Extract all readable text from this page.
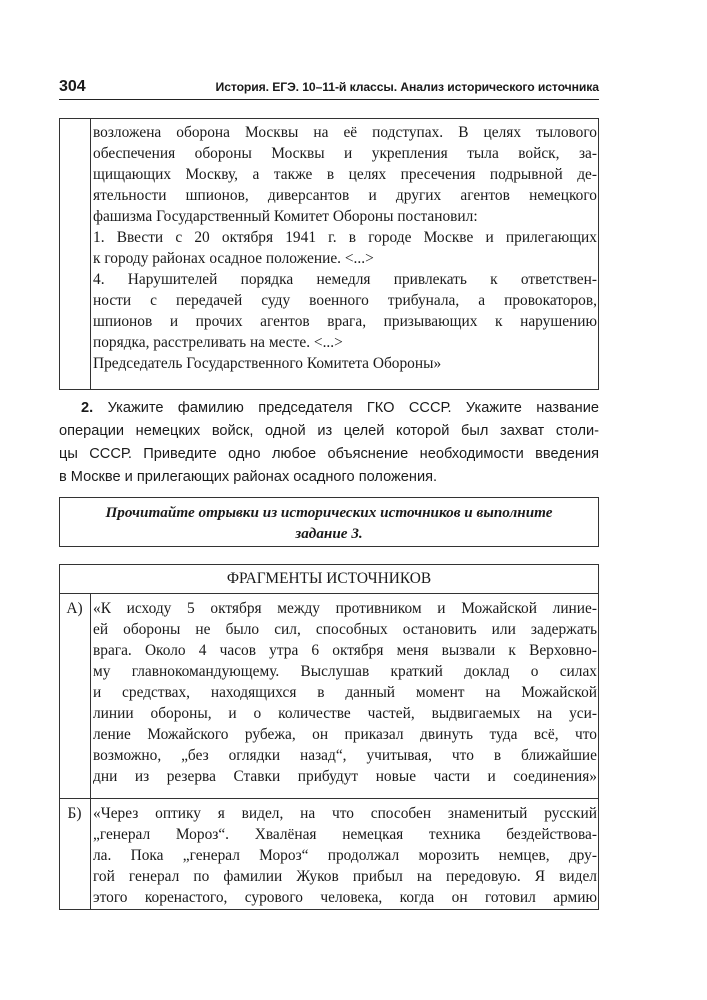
304	История. ЕГЭ. 10–11-й классы. Анализ исторического источника
возложена оборона Москвы на её подступах. В целях тылового
обеспечения обороны Москвы и укрепления тыла войск, за-
щищающих Москву, а также в целях пресечения подрывной де-
ятельности шпионов, диверсантов и других агентов немецкого
фашизма Государственный Комитет Обороны постановил:
1. Ввести с 20 октября 1941 г. в городе Москве и прилегающих
к городу районах осадное положение. <...>
4. Нарушителей порядка немедля привлекать к ответствен-
ности с передачей суду военного трибунала, а провокаторов,
шпионов и прочих агентов врага, призывающих к нарушению
порядка, расстреливать на месте. <...>
Председатель Государственного Комитета Обороны»
2. Укажите фамилию председателя ГКО СССР. Укажите название
операции немецких войск, одной из целей которой был захват столи-
цы СССР. Приведите одно любое объяснение необходимости введения
в Москве и прилегающих районах осадного положения.
Прочитайте отрывки из исторических источников и выполните
задание 3.
ФРАГМЕНТЫ ИСТОЧНИКОВ
А) «К исходу 5 октября между противником и Можайской линие-
ей обороны не было сил, способных остановить или задержать
врага. Около 4 часов утра 6 октября меня вызвали к Верховно-
му главнокомандующему. Выслушав краткий доклад о силах
и средствах, находящихся в данный момент на Можайской
линии обороны, и о количестве частей, выдвигаемых на уси-
ление Можайского рубежа, он приказал двинуть туда всё, что
возможно, „без оглядки назад“, учитывая, что в ближайшие
дни из резерва Ставки прибудут новые части и соединения»
Б) «Через оптику я видел, на что способен знаменитый русский
„генерал Мороз“. Хвалёная немецкая техника бездействова-
ла. Пока „генерал Мороз“ продолжал морозить немцев, дру-
гой генерал по фамилии Жуков прибыл на передовую. Я видел
этого коренастого, сурового человека, когда он готовил армию
